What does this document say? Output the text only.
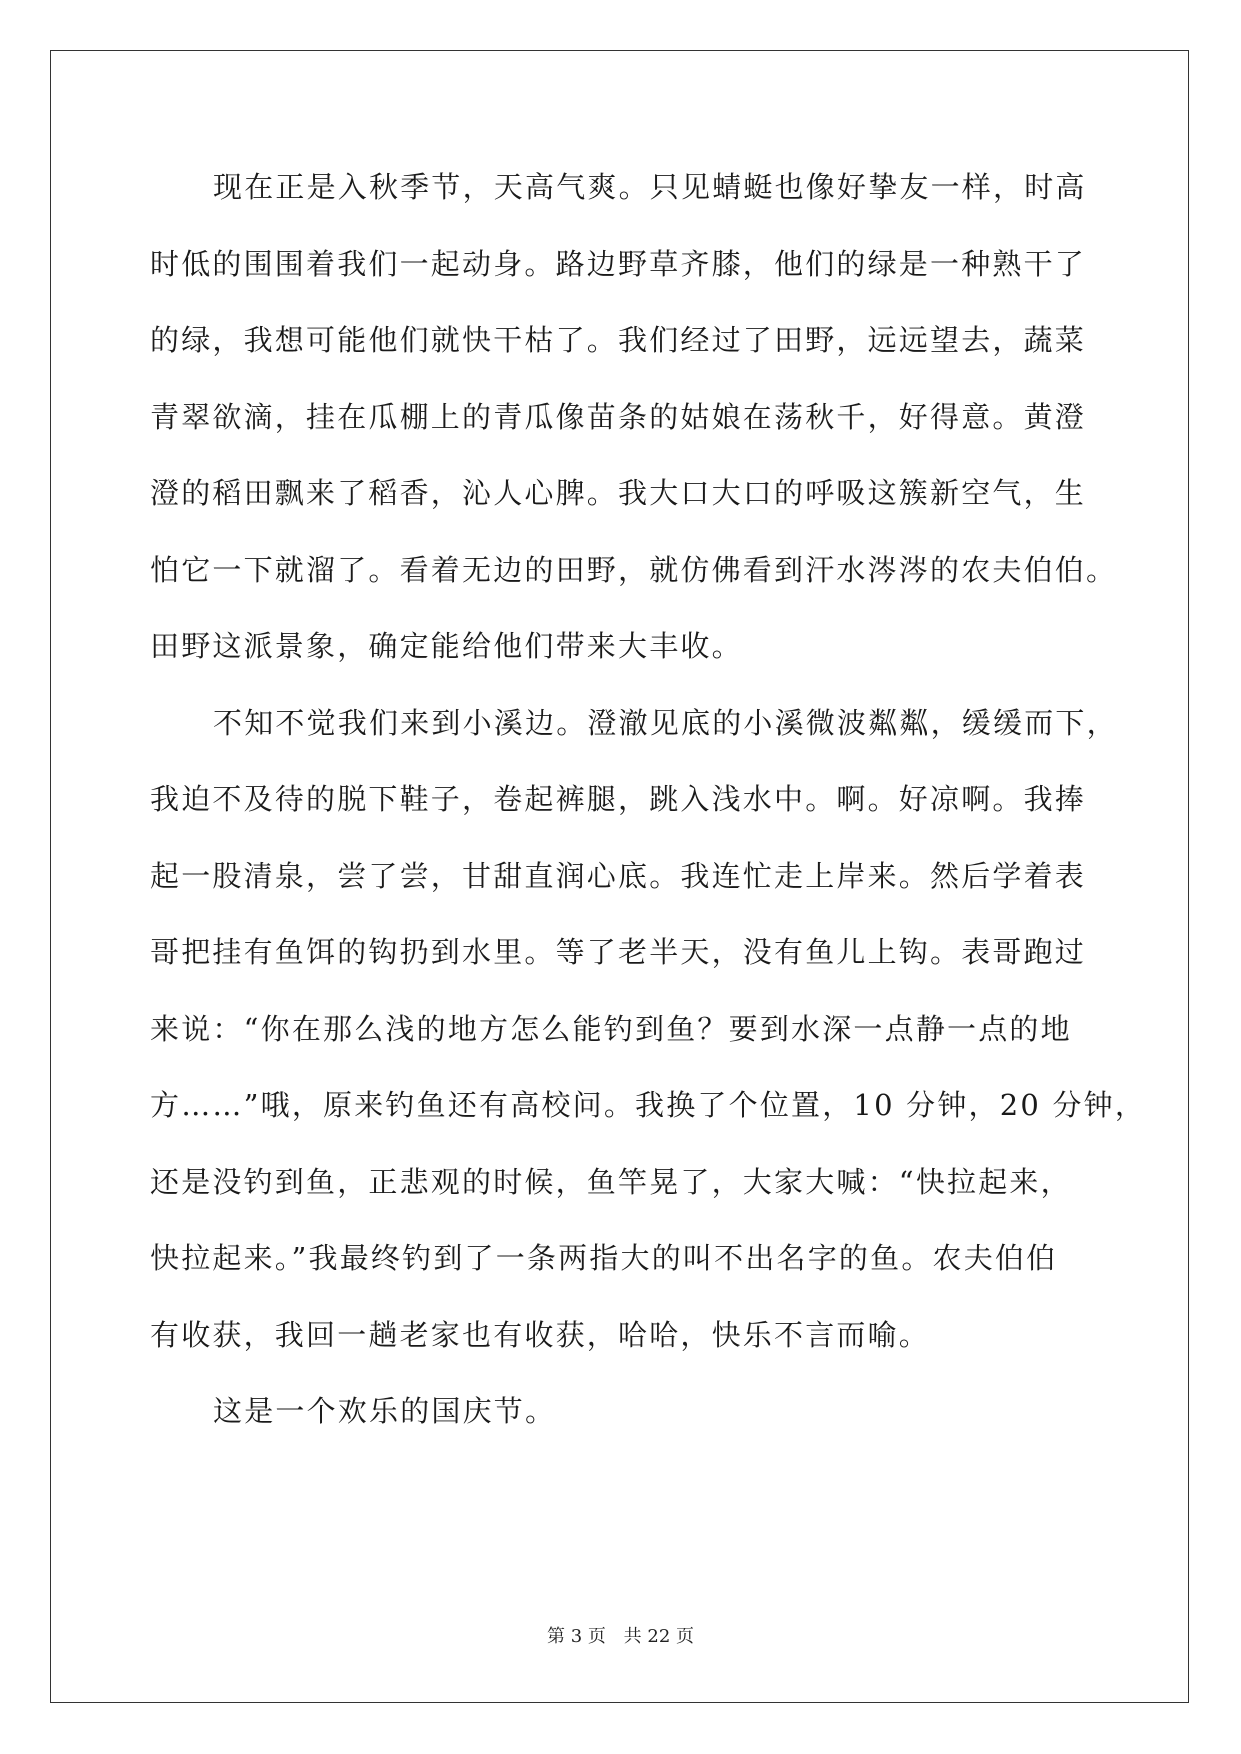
现在正是入秋季节，天高气爽。只见蜻蜓也像好挚友一样，时高
时低的围围着我们一起动身。路边野草齐膝，他们的绿是一种熟干了
的绿，我想可能他们就快干枯了。我们经过了田野，远远望去，蔬菜
青翠欲滴，挂在瓜棚上的青瓜像苗条的姑娘在荡秋千，好得意。黄澄
澄的稻田飘来了稻香，沁人心脾。我大口大口的呼吸这簇新空气，生
怕它一下就溜了。看着无边的田野，就仿佛看到汗水涔涔的农夫伯伯。
田野这派景象，确定能给他们带来大丰收。
不知不觉我们来到小溪边。澄澈见底的小溪微波粼粼，缓缓而下，
我迫不及待的脱下鞋子，卷起裤腿，跳入浅水中。啊。好凉啊。我捧
起一股清泉，尝了尝，甘甜直润心底。我连忙走上岸来。然后学着表
哥把挂有鱼饵的钩扔到水里。等了老半天，没有鱼儿上钩。表哥跑过
来说：“你在那么浅的地方怎么能钓到鱼？要到水深一点静一点的地
方……”哦，原来钓鱼还有高校问。我换了个位置，10 分钟，20 分钟，
还是没钓到鱼，正悲观的时候，鱼竿晃了，大家大喊：“快拉起来，
快拉起来。”我最终钓到了一条两指大的叫不出名字的鱼。农夫伯伯
有收获，我回一趟老家也有收获，哈哈，快乐不言而喻。
这是一个欢乐的国庆节。
第 3 页 共 22 页
